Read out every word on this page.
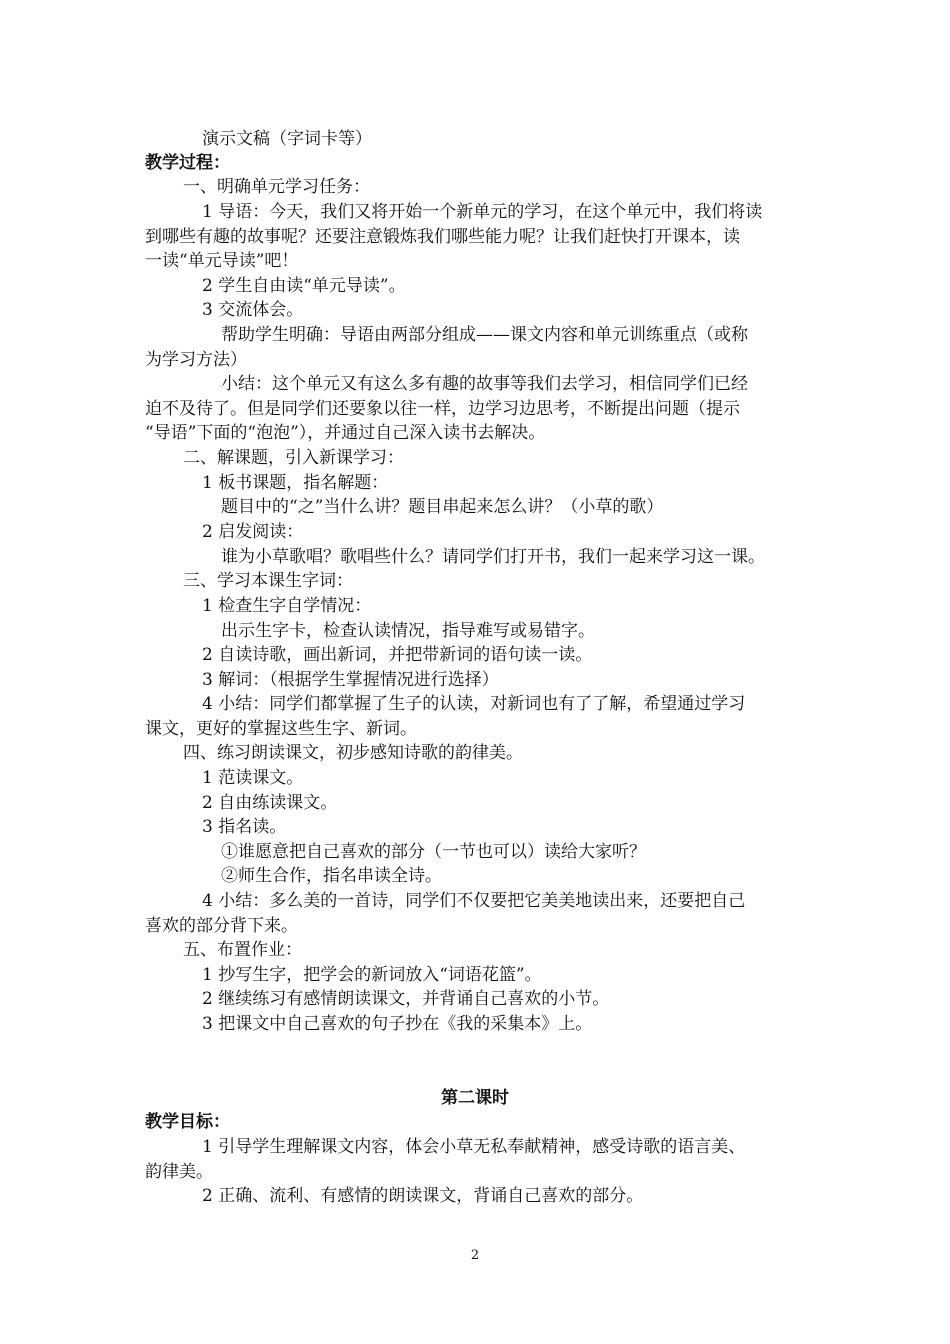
演示文稿（字词卡等）
教学过程：
一、明确单元学习任务：
1 导语：今天，我们又将开始一个新单元的学习，在这个单元中，我们将读
到哪些有趣的故事呢？还要注意锻炼我们哪些能力呢？让我们赶快打开课本，读
一读“单元导读”吧！
2 学生自由读“单元导读”。
3 交流体会。
帮助学生明确：导语由两部分组成——课文内容和单元训练重点（或称
为学习方法）
小结：这个单元又有这么多有趣的故事等我们去学习，相信同学们已经
迫不及待了。但是同学们还要象以往一样，边学习边思考，不断提出问题（提示
“导语”下面的“泡泡”），并通过自己深入读书去解决。
二、解课题，引入新课学习：
1 板书课题，指名解题：
题目中的“之”当什么讲？题目串起来怎么讲？（小草的歌）
2 启发阅读：
谁为小草歌唱？歌唱些什么？请同学们打开书，我们一起来学习这一课。
三、学习本课生字词：
1 检查生字自学情况：
出示生字卡，检查认读情况，指导难写或易错字。
2 自读诗歌，画出新词，并把带新词的语句读一读。
3 解词：（根据学生掌握情况进行选择）
4 小结：同学们都掌握了生子的认读，对新词也有了了解，希望通过学习
课文，更好的掌握这些生字、新词。
四、练习朗读课文，初步感知诗歌的韵律美。
1 范读课文。
2 自由练读课文。
3 指名读。
①谁愿意把自己喜欢的部分（一节也可以）读给大家听？
②师生合作，指名串读全诗。
4 小结：多么美的一首诗，同学们不仅要把它美美地读出来，还要把自己
喜欢的部分背下来。
五、布置作业：
1 抄写生字，把学会的新词放入“词语花篮”。
2 继续练习有感情朗读课文，并背诵自己喜欢的小节。
3 把课文中自己喜欢的句子抄在《我的采集本》上。
第二课时
教学目标：
1 引导学生理解课文内容，体会小草无私奉献精神，感受诗歌的语言美、
韵律美。
2 正确、流利、有感情的朗读课文，背诵自己喜欢的部分。
2
